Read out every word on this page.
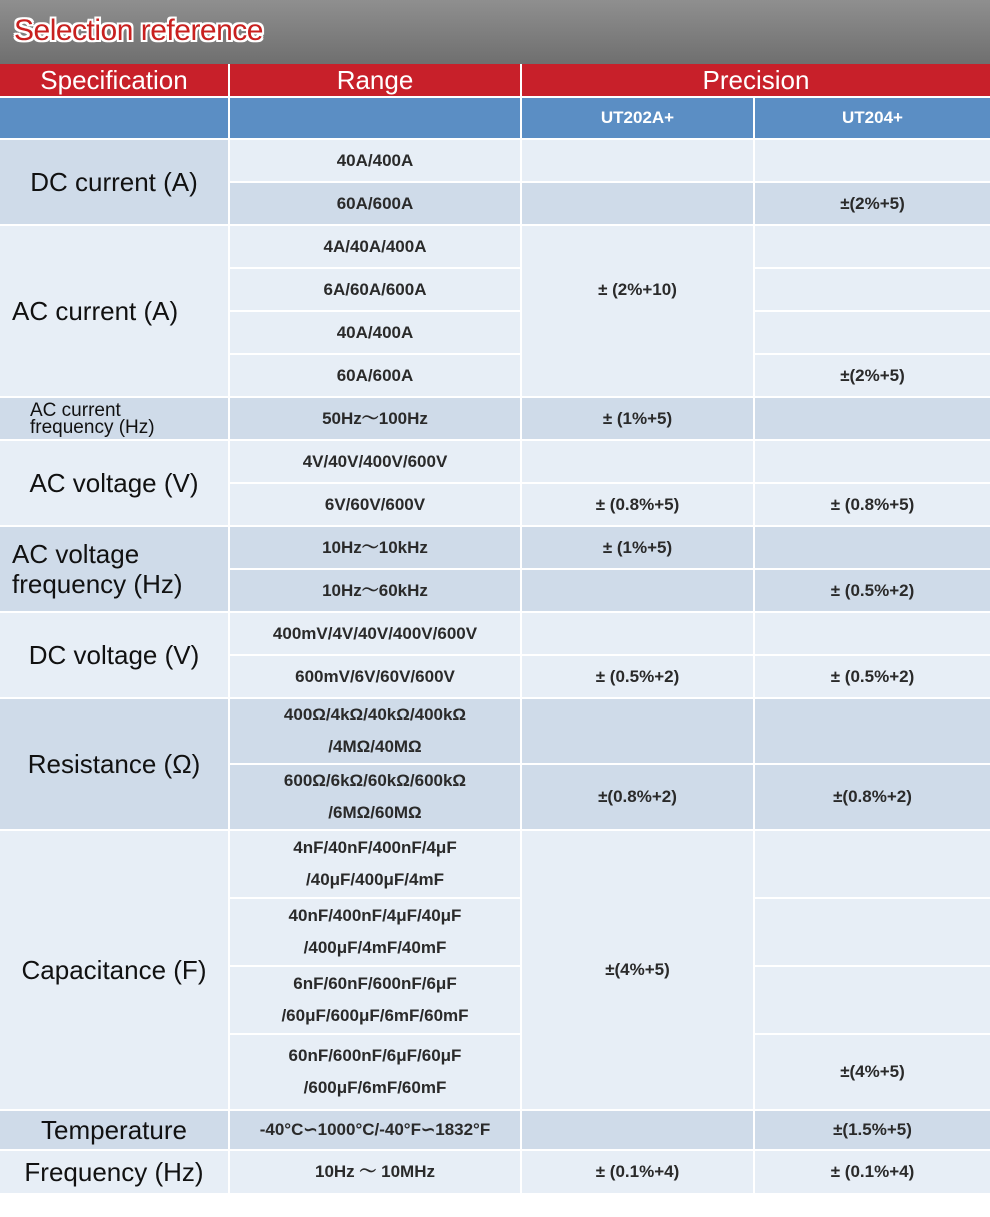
Selection reference
Specification	Range	Precision	
		UT202A+	UT204+
DC current (A)	40A/400A		
	60A/600A		±(2%+5)
AC current (A)	4A/40A/400A	± (2%+10)	
	6A/60A/600A		
	40A/400A		
	60A/600A		±(2%+5)
AC current
frequency (Hz)	50Hz～100Hz	± (1%+5)	
AC voltage (V)	4V/40V/400V/600V		
	6V/60V/600V	± (0.8%+5)	± (0.8%+5)
AC voltage
frequency (Hz)	10Hz～10kHz	± (1%+5)	
	10Hz～60kHz		± (0.5%+2)
DC voltage (V)	400mV/4V/40V/400V/600V		
	600mV/6V/60V/600V	± (0.5%+2)	± (0.5%+2)
Resistance (Ω)	400Ω/4kΩ/40kΩ/400kΩ
/4MΩ/40MΩ		
	600Ω/6kΩ/60kΩ/600kΩ
/6MΩ/60MΩ	±(0.8%+2)	±(0.8%+2)
Capacitance (F)	4nF/40nF/400nF/4μF
/40μF/400μF/4mF	±(4%+5)	
	40nF/400nF/4μF/40μF
/400μF/4mF/40mF		
	6nF/60nF/600nF/6μF
/60μF/600μF/6mF/60mF		
	60nF/600nF/6μF/60μF
/600μF/6mF/60mF		±(4%+5)
Temperature	-40°C∽1000°C/-40°F∽1832°F		±(1.5%+5)
Frequency (Hz)	10Hz ～ 10MHz	± (0.1%+4)	± (0.1%+4)
